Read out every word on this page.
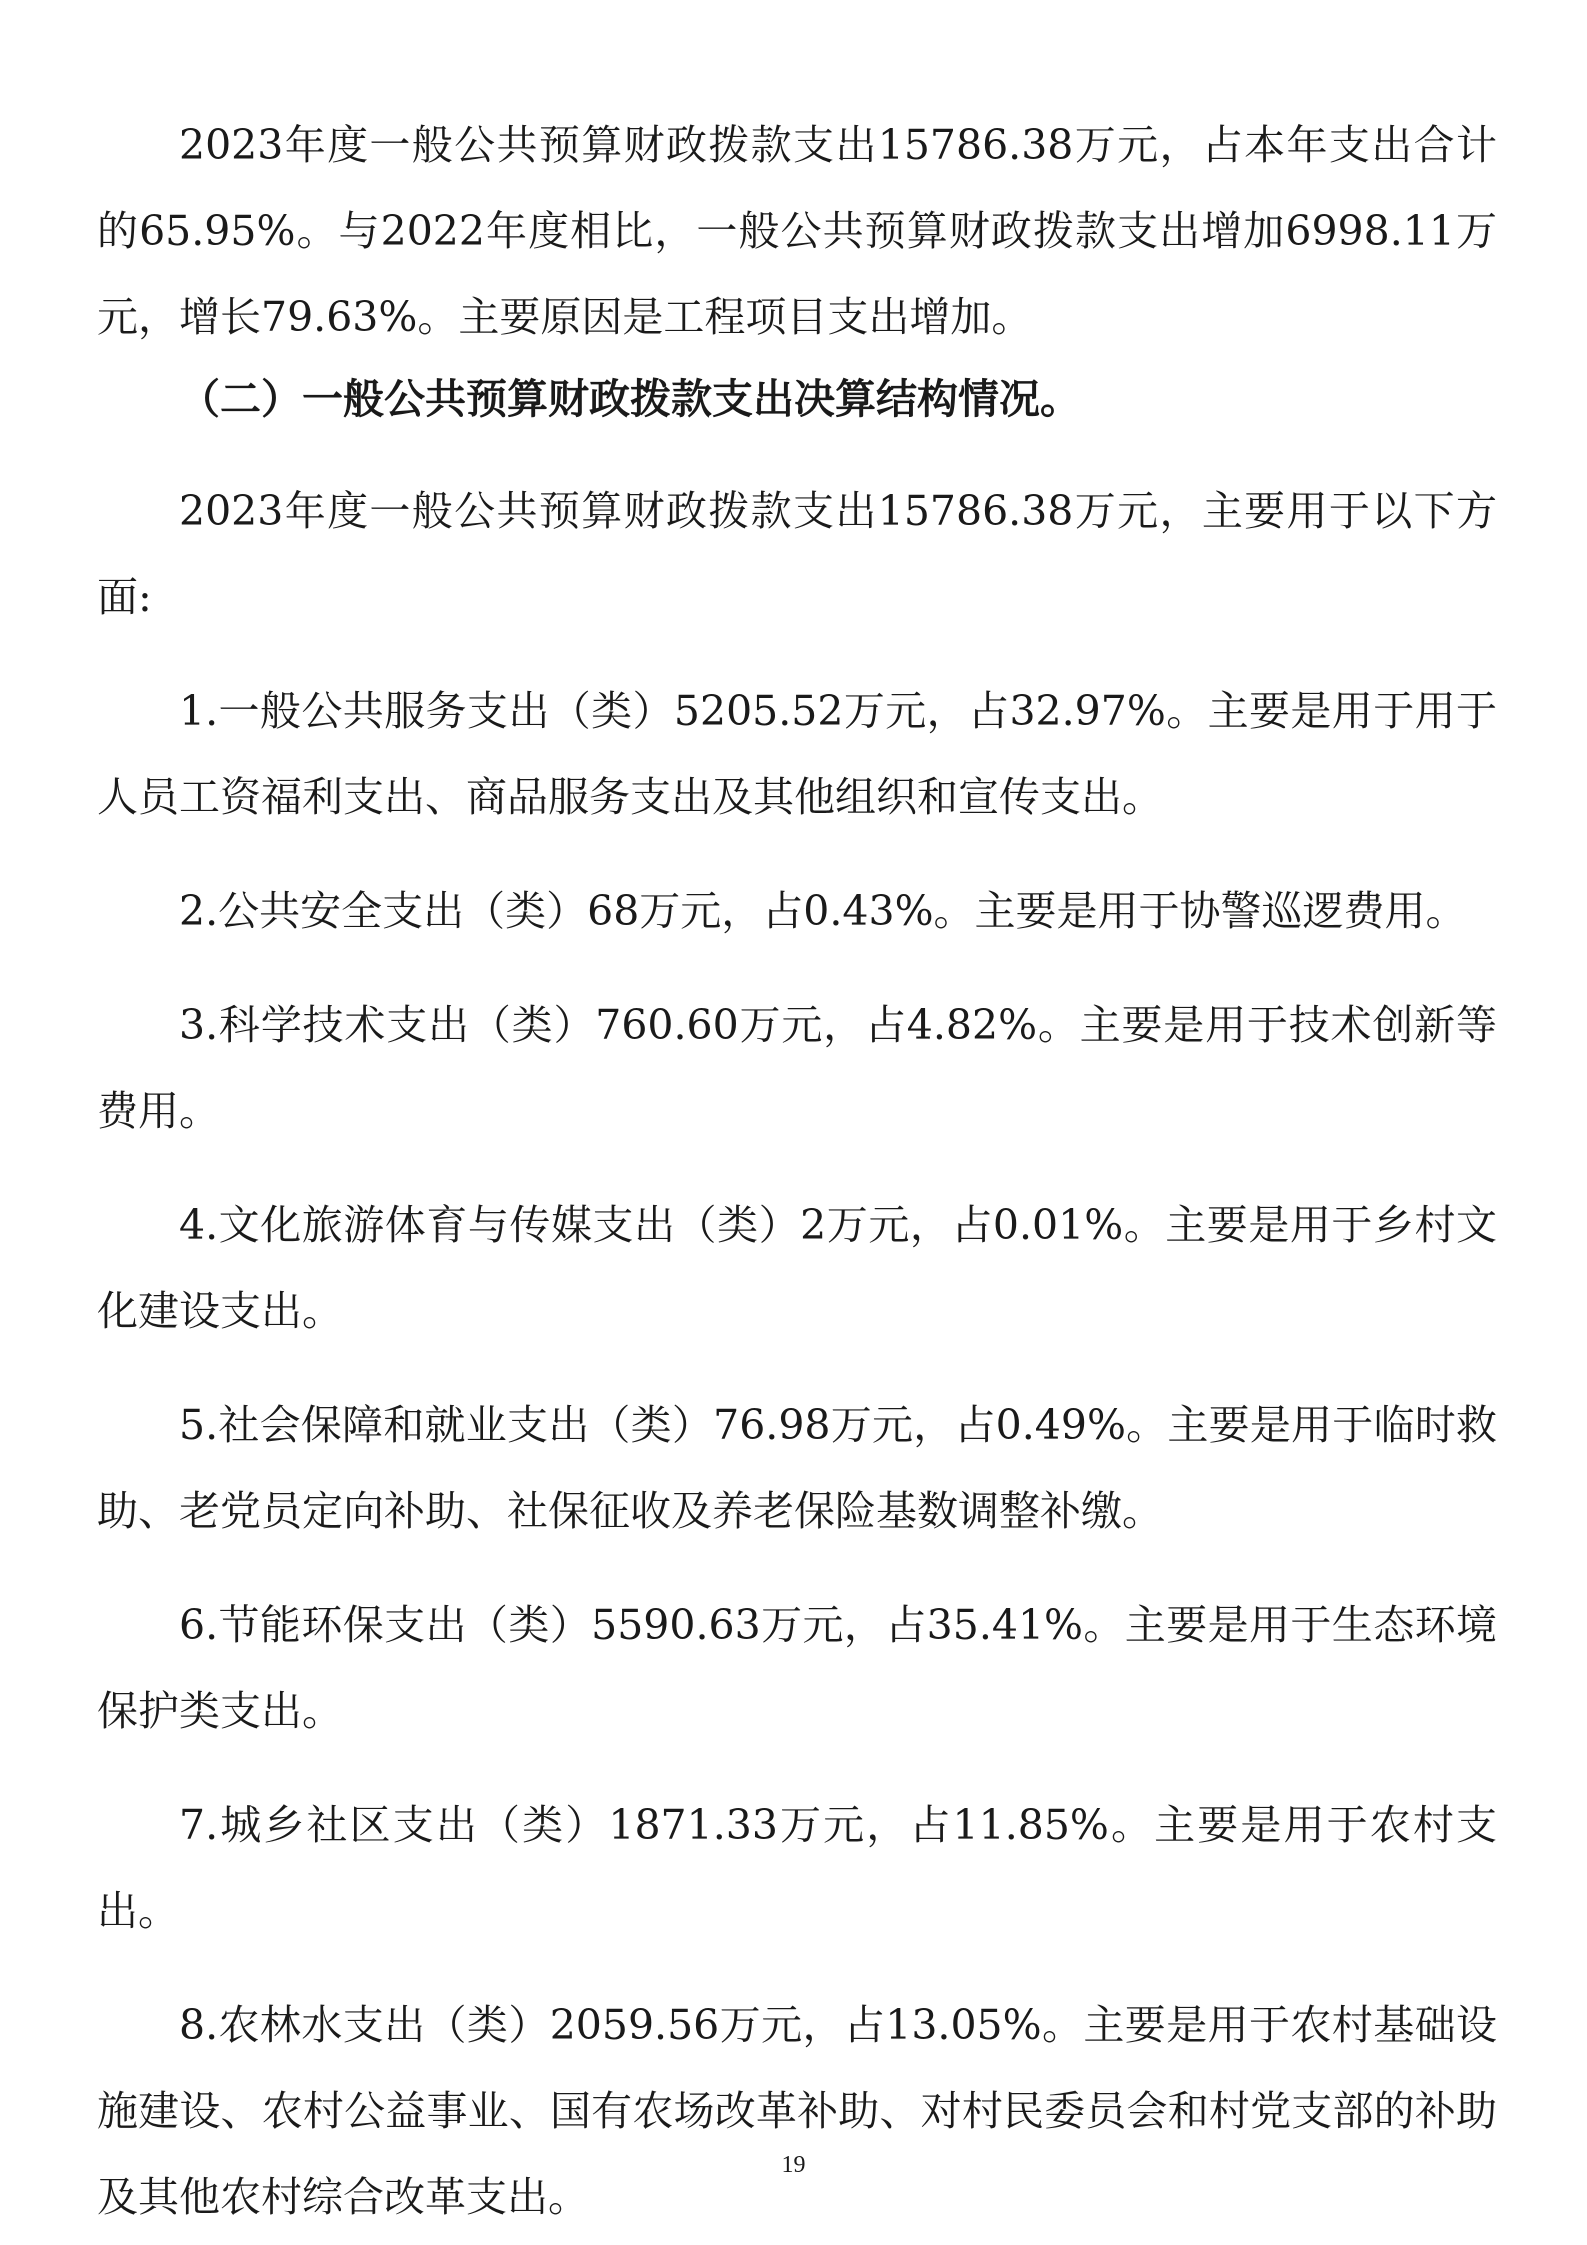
2023年度一般公共预算财政拨款支出15786.38万元，占本年支出合计的65.95%。与2022年度相比，一般公共预算财政拨款支出增加6998.11万元，增长79.63%。主要原因是工程项目支出增加。

（二）一般公共预算财政拨款支出决算结构情况。

2023年度一般公共预算财政拨款支出15786.38万元，主要用于以下方面:

1.一般公共服务支出（类）5205.52万元，占32.97%。主要是用于用于人员工资福利支出、商品服务支出及其他组织和宣传支出。

2.公共安全支出（类）68万元，占0.43%。主要是用于协警巡逻费用。

3.科学技术支出（类）760.60万元，占4.82%。主要是用于技术创新等费用。

4.文化旅游体育与传媒支出（类）2万元，占0.01%。主要是用于乡村文化建设支出。

5.社会保障和就业支出（类）76.98万元，占0.49%。主要是用于临时救助、老党员定向补助、社保征收及养老保险基数调整补缴。

6.节能环保支出（类）5590.63万元，占35.41%。主要是用于生态环境保护类支出。

7.城乡社区支出（类）1871.33万元，占11.85%。主要是用于农村支出。

8.农林水支出（类）2059.56万元，占13.05%。主要是用于农村基础设施建设、农村公益事业、国有农场改革补助、对村民委员会和村党支部的补助及其他农村综合改革支出。

19
